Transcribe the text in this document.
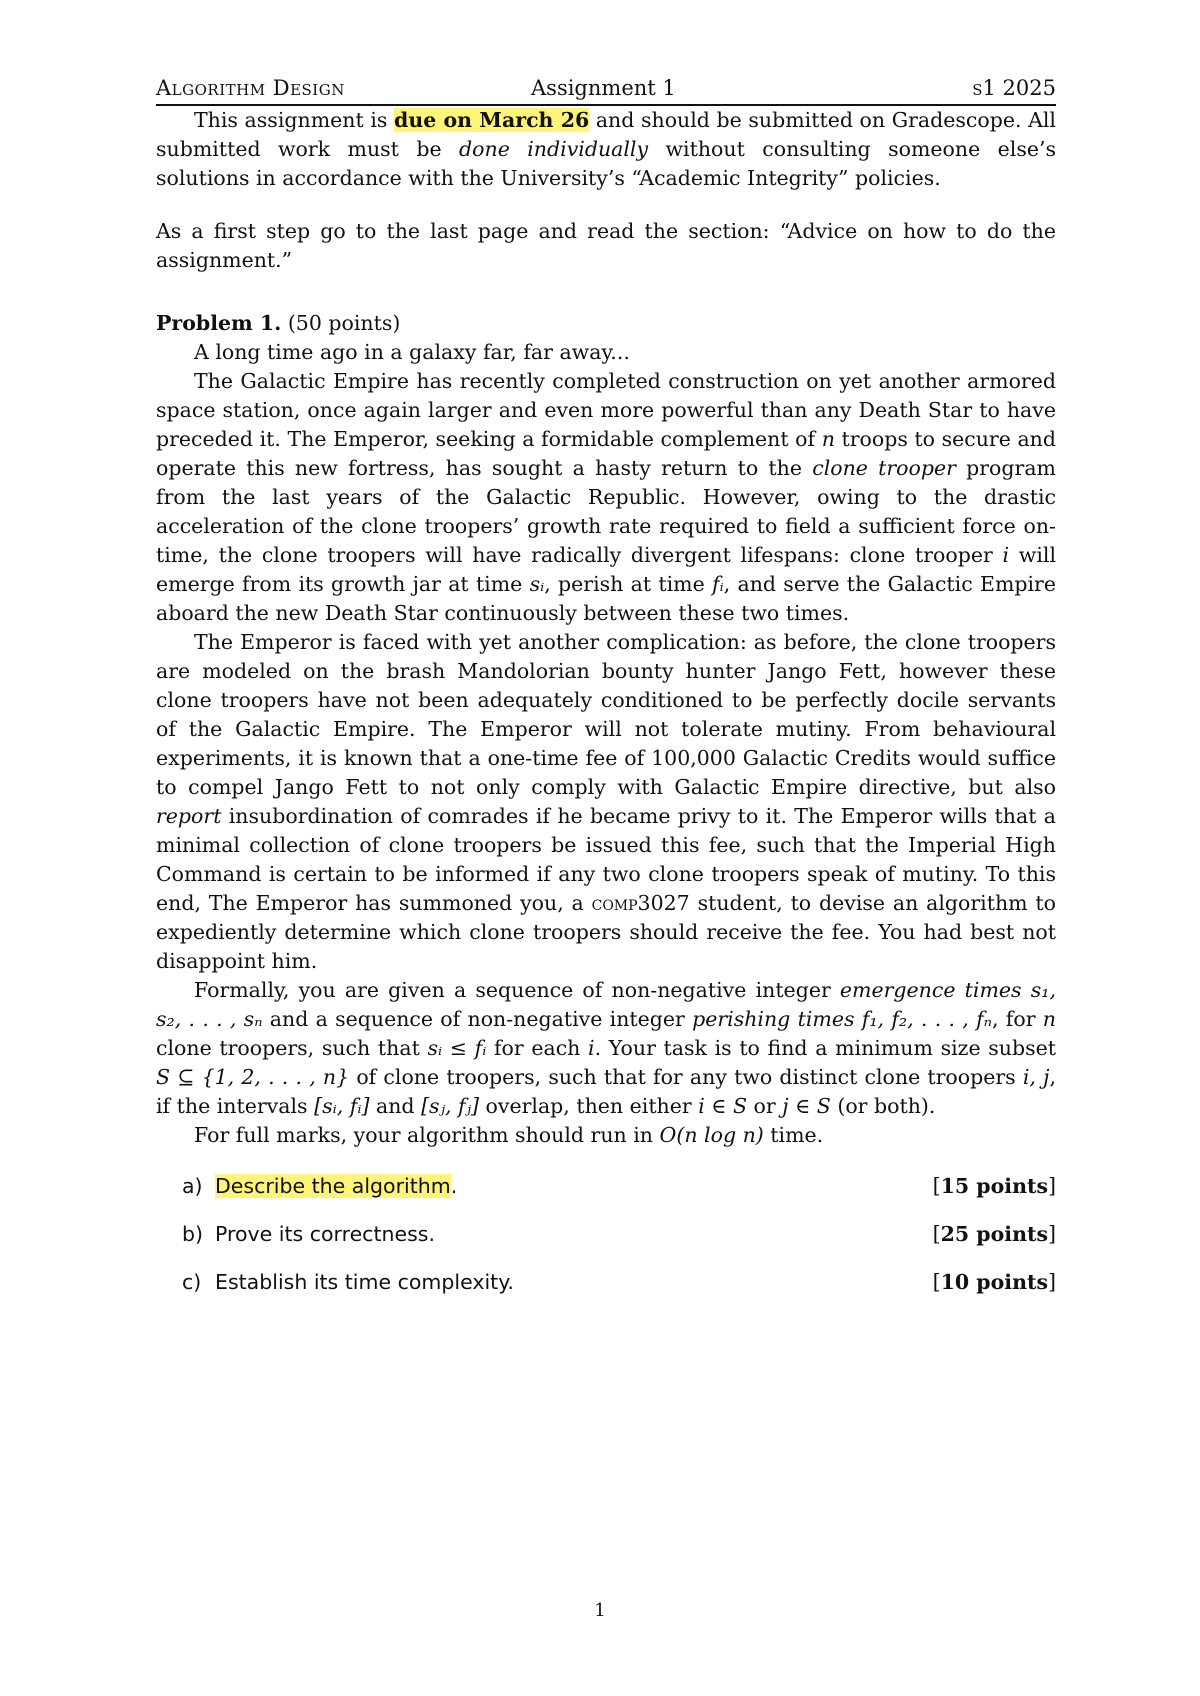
Algorithm Design	Assignment 1	s1 2025

This assignment is due on March 26 and should be submitted on Gradescope. All submitted work must be done individually without consulting someone else’s solutions in accordance with the University’s “Academic Integrity” policies.

As a first step go to the last page and read the section: “Advice on how to do the assignment.”

Problem 1. (50 points)

A long time ago in a galaxy far, far away...

The Galactic Empire has recently completed construction on yet another armored space station, once again larger and even more powerful than any Death Star to have preceded it. The Emperor, seeking a formidable complement of n troops to secure and operate this new fortress, has sought a hasty return to the clone trooper program from the last years of the Galactic Republic. However, owing to the drastic acceleration of the clone troopers’ growth rate required to field a sufficient force on-time, the clone troopers will have radically divergent lifespans: clone trooper i will emerge from its growth jar at time sᵢ, perish at time fᵢ, and serve the Galactic Empire aboard the new Death Star continuously between these two times.

The Emperor is faced with yet another complication: as before, the clone troopers are modeled on the brash Mandolorian bounty hunter Jango Fett, however these clone troopers have not been adequately conditioned to be perfectly docile servants of the Galactic Empire. The Emperor will not tolerate mutiny. From behavioural experiments, it is known that a one-time fee of 100,000 Galactic Credits would suffice to compel Jango Fett to not only comply with Galactic Empire directive, but also report insubordination of comrades if he became privy to it. The Emperor wills that a minimal collection of clone troopers be issued this fee, such that the Imperial High Command is certain to be informed if any two clone troopers speak of mutiny. To this end, The Emperor has summoned you, a comp3027 student, to devise an algorithm to expediently determine which clone troopers should receive the fee. You had best not disappoint him.

Formally, you are given a sequence of non-negative integer emergence times s₁, s₂, . . . , sₙ and a sequence of non-negative integer perishing times f₁, f₂, . . . , fₙ, for n clone troopers, such that sᵢ ≤ fᵢ for each i. Your task is to find a minimum size subset S ⊆ {1, 2, . . . , n} of clone troopers, such that for any two distinct clone troopers i, j, if the intervals [sᵢ, fᵢ] and [sⱼ, fⱼ] overlap, then either i ∈ S or j ∈ S (or both).

For full marks, your algorithm should run in O(n log n) time.

a) Describe the algorithm.	[15 points]
b) Prove its correctness.	[25 points]
c) Establish its time complexity.	[10 points]
1
